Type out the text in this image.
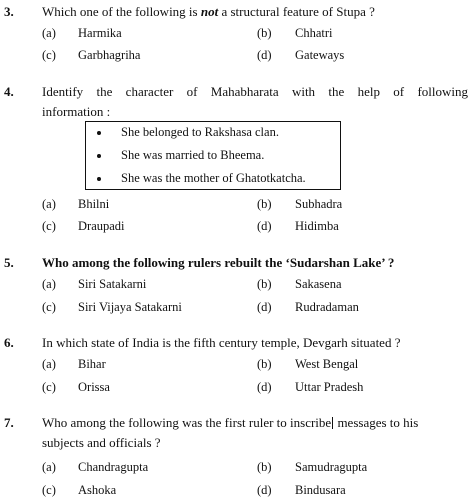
3. Which one of the following is not a structural feature of Stupa ?
(a) Harmika	(b) Chhatri
(c) Garbhagriha	(d) Gateways
4. Identify the character of Mahabharata with the help of following
information :
She belonged to Rakshasa clan.
She was married to Bheema.
She was the mother of Ghatotkatcha.
(a) Bhilni	(b) Subhadra
(c) Draupadi	(d) Hidimba
5. Who among the following rulers rebuilt the ‘Sudarshan Lake’ ?
(a) Siri Satakarni	(b) Sakasena
(c) Siri Vijaya Satakarni	(d) Rudradaman
6. In which state of India is the fifth century temple, Devgarh situated ?
(a) Bihar	(b) West Bengal
(c) Orissa	(d) Uttar Pradesh
7. Who among the following was the first ruler to inscribe messages to his
subjects and officials ?
(a) Chandragupta	(b) Samudragupta
(c) Ashoka	(d) Bindusara
